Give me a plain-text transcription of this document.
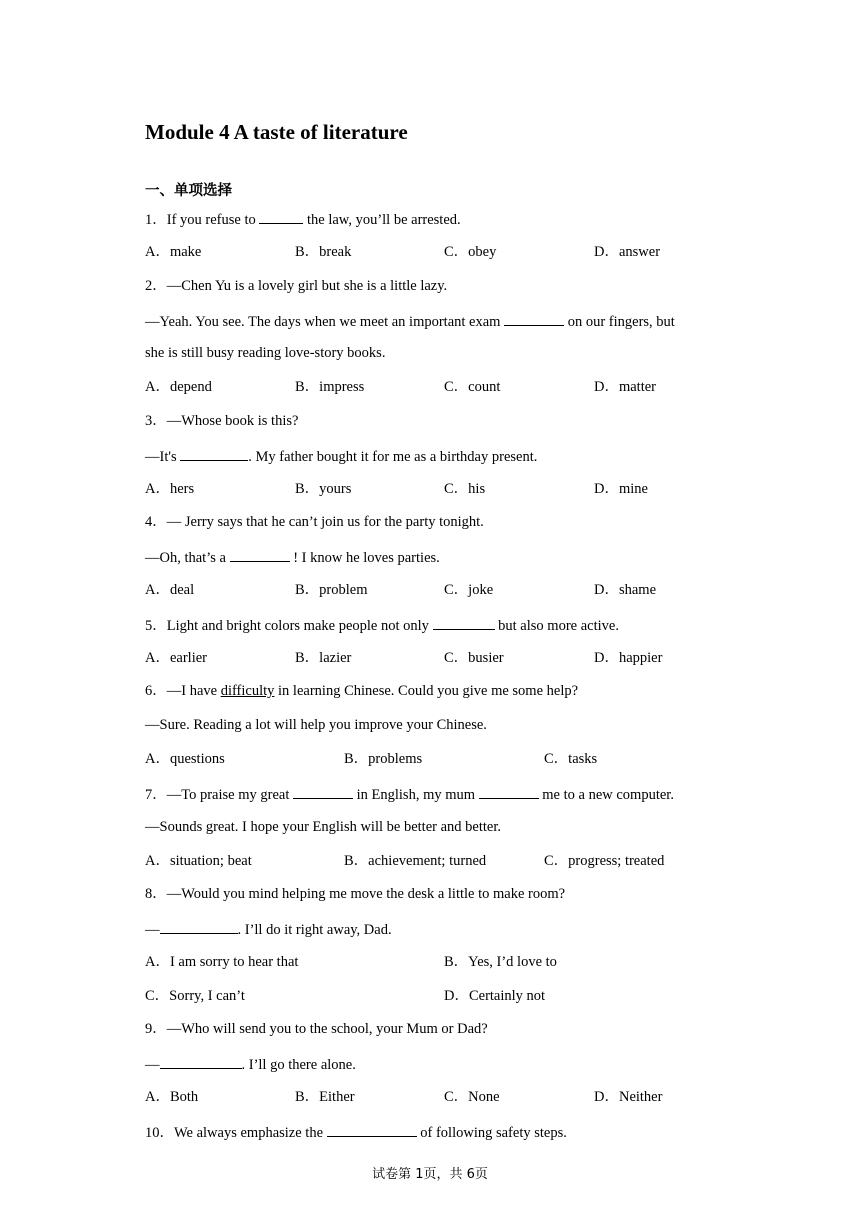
Module 4 A taste of literature
一、单项选择
1．If you refuse to	the law, you’ll be arrested.
A．make	B．break	C．obey	D．answer
2．—Chen Yu is a lovely girl but she is a little lazy.
—Yeah. You see. The days when we meet an important exam	on our fingers, but
she is still busy reading love-story books.
A．depend	B．impress	C．count	D．matter
3．—Whose book is this?
—It's	. My father bought it for me as a birthday present.
A．hers	B．yours	C．his	D．mine
4．— Jerry says that he can’t join us for the party tonight.
—Oh, that’s a	! I know he loves parties.
A．deal	B．problem	C．joke	D．shame
5．Light and bright colors make people not only	but also more active.
A．earlier	B．lazier	C．busier	D．happier
6．—I have difficulty in learning Chinese. Could you give me some help?
—Sure. Reading a lot will help you improve your Chinese.
A．questions	B．problems	C．tasks
7．—To praise my great	in English, my mum	me to a new computer.
—Sounds great. I hope your English will be better and better.
A．situation; beat	B．achievement; turned	C．progress; treated
8．—Would you mind helping me move the desk a little to make room?
—	. I’ll do it right away, Dad.
A．I am sorry to hear that	B．Yes, I’d love to
C．Sorry, I can’t	D．Certainly not
9．—Who will send you to the school, your Mum or Dad?
—	. I’ll go there alone.
A．Both	B．Either	C．None	D．Neither
10．We always emphasize the	of following safety steps.
试卷第 1页，共 6页
